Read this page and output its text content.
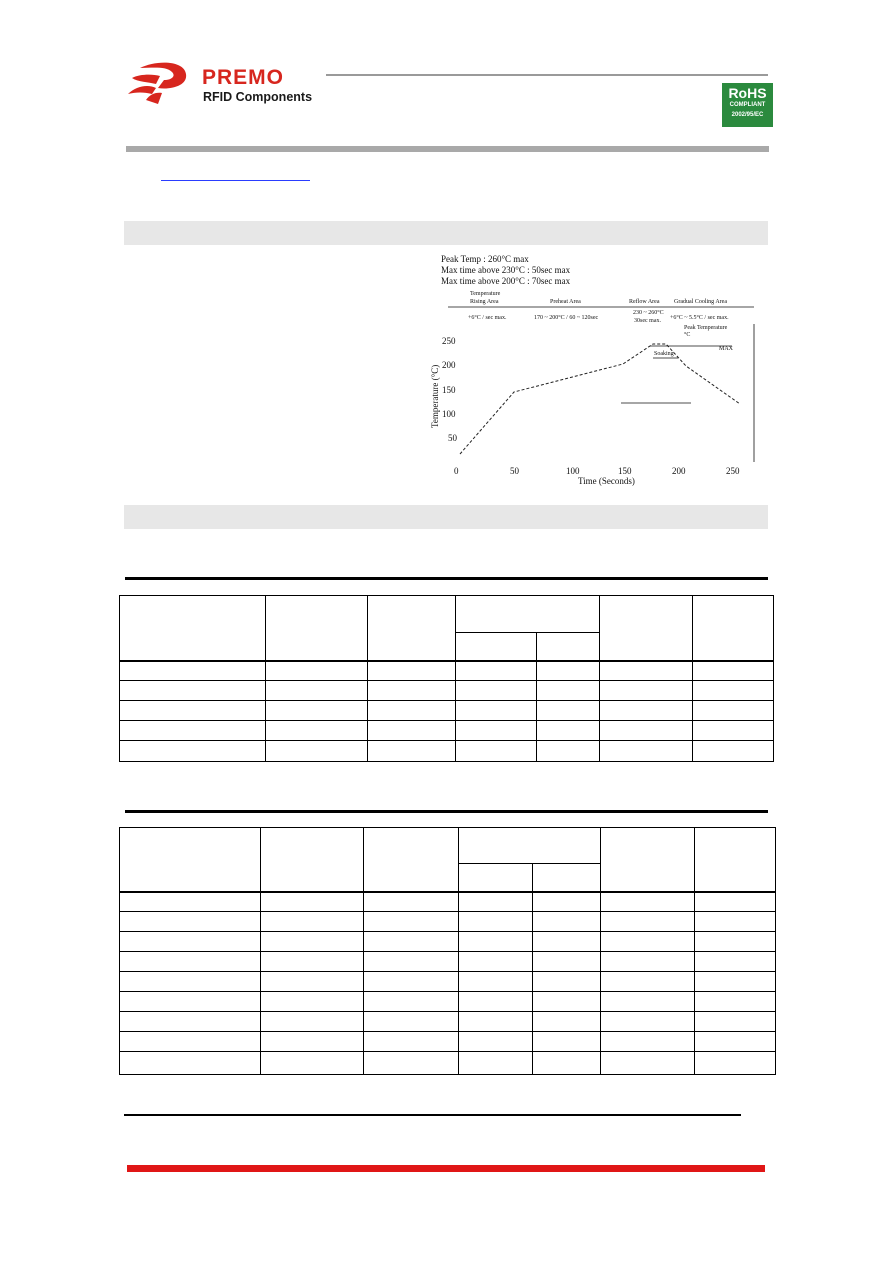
PREMO
RFID Components	RoHS
COMPLIANT
2002/95/EC
Peak Temp : 260°C max
Max time above 230°C : 50sec max
Max time above 200°C : 70sec max
Temperature
Rising Area
+6°C / sec max.
Preheat Area
170 ~ 200°C / 60 ~ 120sec
Reflow Area
230 ~ 260°C
30sec max.
Gradual Cooling Area
+6°C ~ 5.5°C / sec max.
Peak Temperature
°C
Soaking
MAX
250
200
150
100
50
0	50	100	150	200	250
Temperature (°C)
Time (Seconds)
